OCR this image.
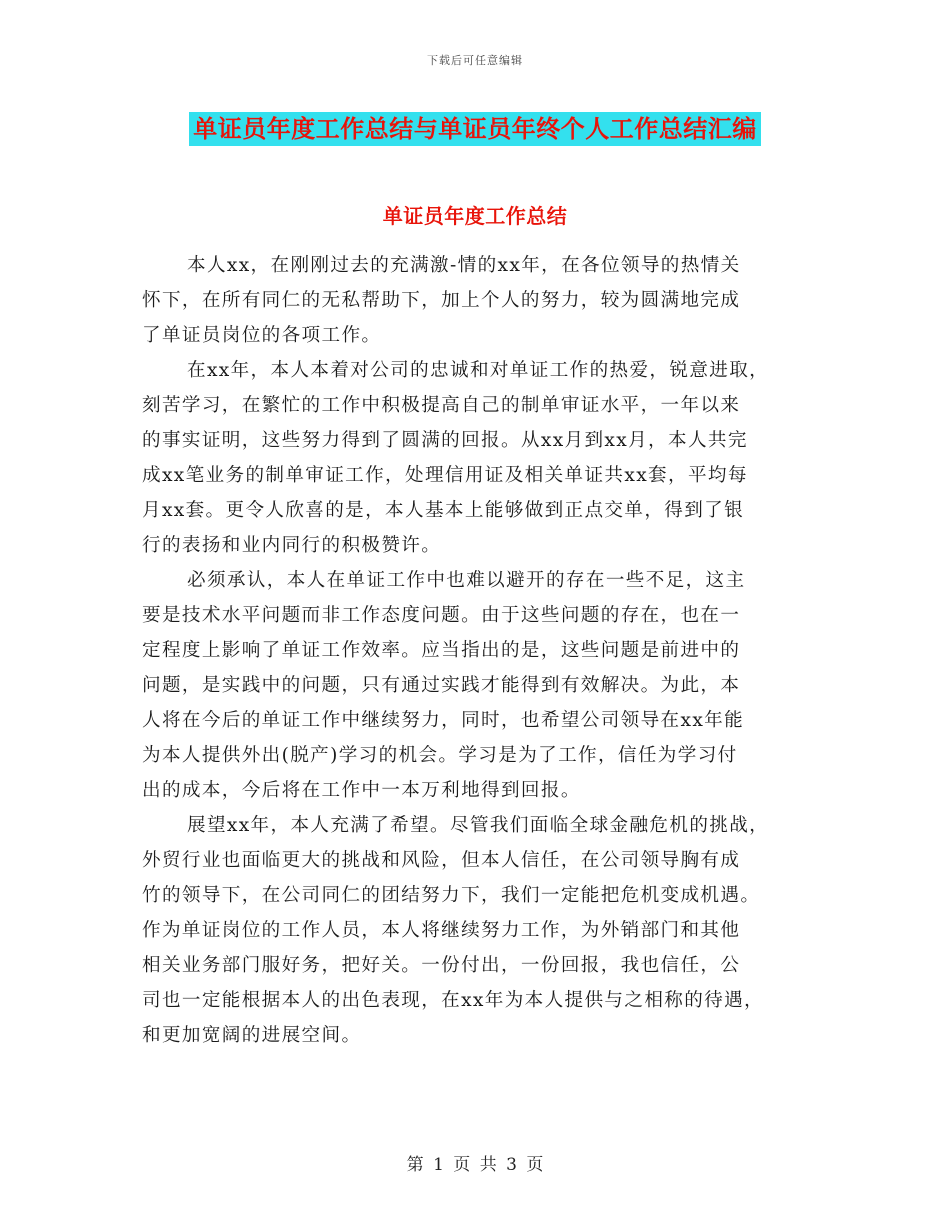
下载后可任意编辑
单证员年度工作总结与单证员年终个人工作总结汇编
单证员年度工作总结
本人xx，在刚刚过去的充满激-情的xx年，在各位领导的热情关
怀下，在所有同仁的无私帮助下，加上个人的努力，较为圆满地完成
了单证员岗位的各项工作。
在xx年，本人本着对公司的忠诚和对单证工作的热爱，锐意进取，
刻苦学习，在繁忙的工作中积极提高自己的制单审证水平，一年以来
的事实证明，这些努力得到了圆满的回报。从xx月到xx月，本人共完
成xx笔业务的制单审证工作，处理信用证及相关单证共xx套，平均每
月xx套。更令人欣喜的是，本人基本上能够做到正点交单，得到了银
行的表扬和业内同行的积极赞许。
必须承认，本人在单证工作中也难以避开的存在一些不足，这主
要是技术水平问题而非工作态度问题。由于这些问题的存在，也在一
定程度上影响了单证工作效率。应当指出的是，这些问题是前进中的
问题，是实践中的问题，只有通过实践才能得到有效解决。为此，本
人将在今后的单证工作中继续努力，同时，也希望公司领导在xx年能
为本人提供外出(脱产)学习的机会。学习是为了工作，信任为学习付
出的成本，今后将在工作中一本万利地得到回报。
展望xx年，本人充满了希望。尽管我们面临全球金融危机的挑战，
外贸行业也面临更大的挑战和风险，但本人信任，在公司领导胸有成
竹的领导下，在公司同仁的团结努力下，我们一定能把危机变成机遇。
作为单证岗位的工作人员，本人将继续努力工作，为外销部门和其他
相关业务部门服好务，把好关。一份付出，一份回报，我也信任，公
司也一定能根据本人的出色表现，在xx年为本人提供与之相称的待遇，
和更加宽阔的进展空间。
第 1 页 共 3 页
